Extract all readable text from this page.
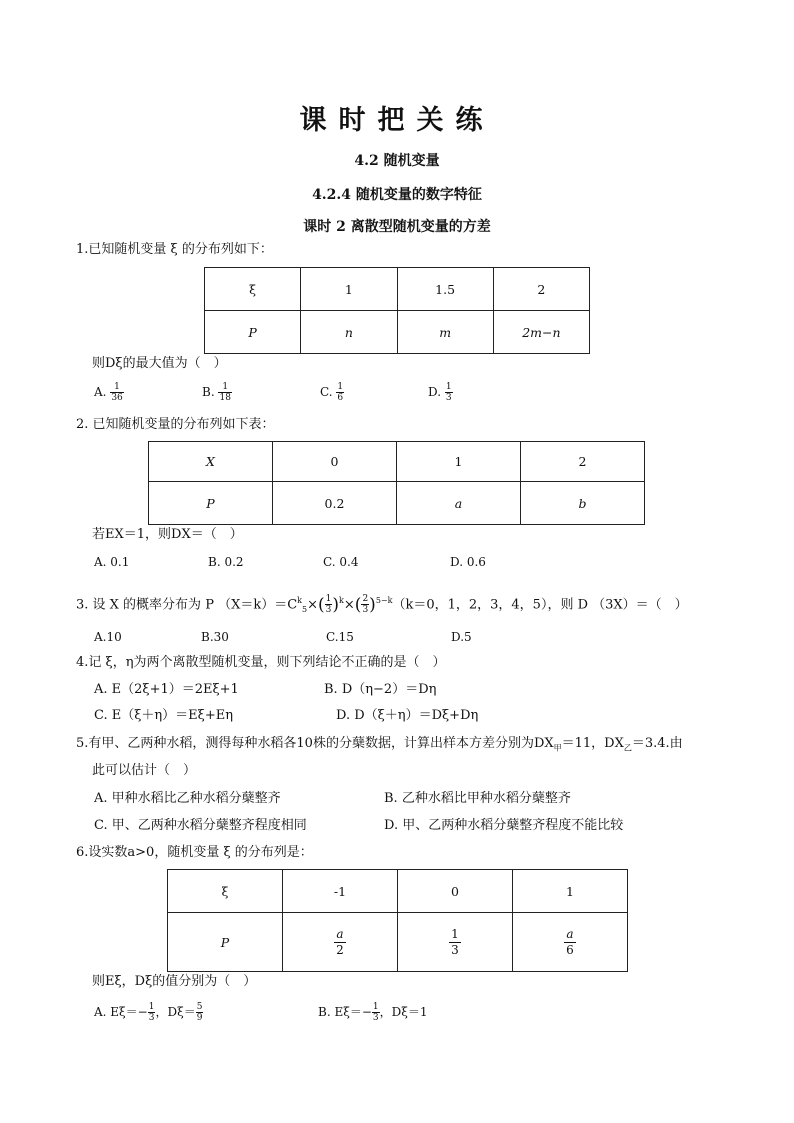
课时把关练
4.2 随机变量
4.2.4 随机变量的数字特征
课时 2 离散型随机变量的方差
1.已知随机变量 ξ 的分布列如下：
ξ	1	1.5	2
P	n	m	2m−n
则Dξ的最大值为（　）
A. $\frac{1}{36}$	B. $\frac{1}{18}$	C. $\frac{1}{6}$	D. $\frac{1}{3}$
2. 已知随机变量的分布列如下表：
X	0	1	2
P	0.2	a	b
若EX＝1，则DX＝（　）
A. 0.1	B. 0.2	C. 0.4	D. 0.6
3. 设 X 的概率分布为 P $(X=k)=C^k_5\times( \frac{1}{3} )^k\times( \frac{2}{3} )^{5-k}(k=0$，1，2，3，4，5），则 D （3X）＝（　）
A.10	B.30	C.15	D.5
4.记 ξ，η为两个离散型随机变量，则下列结论不正确的是（　）
A. E（2ξ+1）＝2Eξ+1	B. D（η−2）＝Dη
C. E（ξ＋η）＝Eξ+Eη	D. D（ξ＋η）＝Dξ+Dη
5.有甲、乙两种水稻，测得每种水稻各10株的分蘖数据，计算出样本方差分别为$DX_甲=11$，$DX_乙=3.4$.由
此可以估计（　）
A. 甲种水稻比乙种水稻分蘖整齐	B. 乙种水稻比甲种水稻分蘖整齐
C. 甲、乙两种水稻分蘖整齐程度相同	D. 甲、乙两种水稻分蘖整齐程度不能比较
6.设实数a>0，随机变量 ξ 的分布列是：
ξ	-1	0	1
P	$\frac{a}{2}$	$\frac{1}{3}$	$\frac{a}{6}$
则Eξ，Dξ的值分别为（　）
A. $E\xi=- \frac{1}{3}$ ，$D\xi= \frac{5}{9}$	B. $E\xi=- \frac{1}{3}$ ，Dξ＝1
